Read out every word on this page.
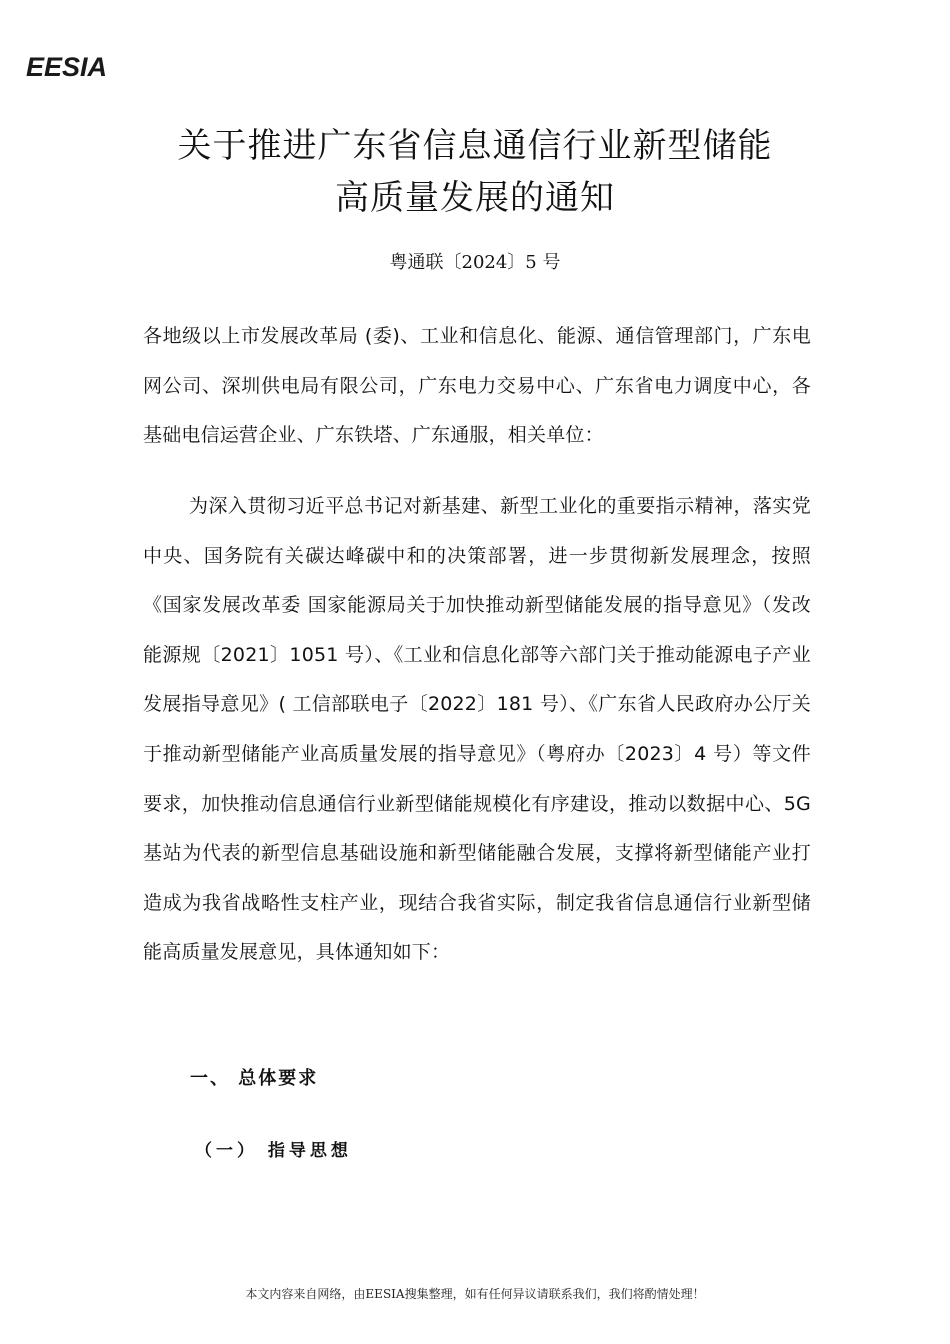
EESIA
关于推进广东省信息通信行业新型储能
高质量发展的通知
粤通联〔2024〕5 号
各地级以上市发展改革局 (委)、工业和信息化、能源、通信管理部门，广东电网公司、深圳供电局有限公司，广东电力交易中心、广东省电力调度中心，各基础电信运营企业、广东铁塔、广东通服，相关单位：
为深入贯彻习近平总书记对新基建、新型工业化的重要指示精神，落实党中央、国务院有关碳达峰碳中和的决策部署，进一步贯彻新发展理念，按照《国家发展改革委 国家能源局关于加快推动新型储能发展的指导意见》（发改能源规〔2021〕1051 号）、《工业和信息化部等六部门关于推动能源电子产业发展指导意见》( 工信部联电子〔2022〕181 号）、《广东省人民政府办公厅关于推动新型储能产业高质量发展的指导意见》（粤府办〔2023〕4 号）等文件要求，加快推动信息通信行业新型储能规模化有序建设，推动以数据中心、5G基站为代表的新型信息基础设施和新型储能融合发展，支撑将新型储能产业打造成为我省战略性支柱产业，现结合我省实际，制定我省信息通信行业新型储能高质量发展意见，具体通知如下：
一、 总体要求
（一） 指导思想
本文内容来自网络，由EESIA搜集整理，如有任何异议请联系我们，我们将酌情处理！
